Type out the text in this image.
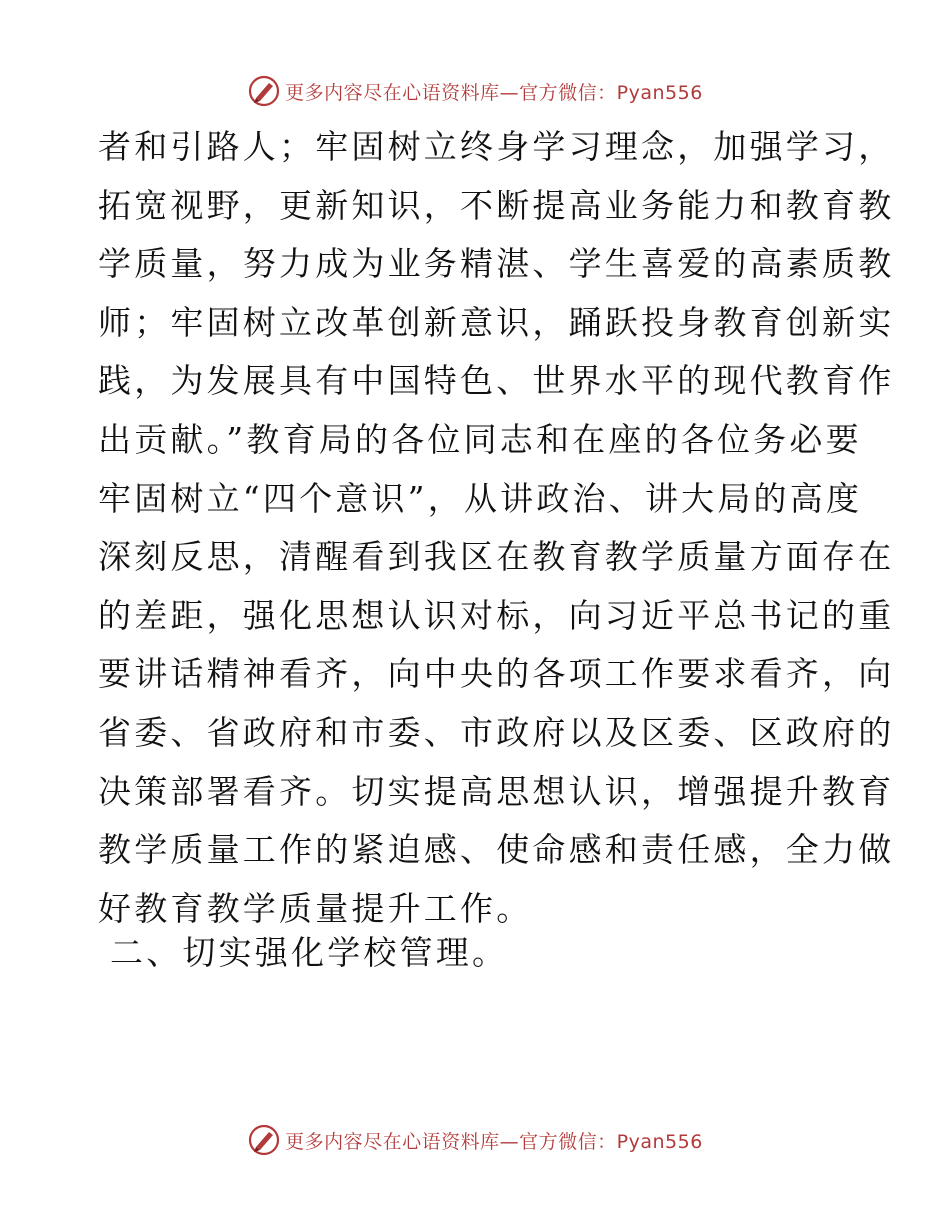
更多内容尽在心语资料库—官方微信：Pyan556
者和引路人；牢固树立终身学习理念，加强学习，
拓宽视野，更新知识，不断提高业务能力和教育教
学质量，努力成为业务精湛、学生喜爱的高素质教
师；牢固树立改革创新意识，踊跃投身教育创新实
践，为发展具有中国特色、世界水平的现代教育作
出贡献。”教育局的各位同志和在座的各位务必要
牢固树立“四个意识”，从讲政治、讲大局的高度
深刻反思，清醒看到我区在教育教学质量方面存在
的差距，强化思想认识对标，向习近平总书记的重
要讲话精神看齐，向中央的各项工作要求看齐，向
省委、省政府和市委、市政府以及区委、区政府的
决策部署看齐。切实提高思想认识，增强提升教育
教学质量工作的紧迫感、使命感和责任感，全力做
好教育教学质量提升工作。
二、切实强化学校管理。
更多内容尽在心语资料库—官方微信：Pyan556
